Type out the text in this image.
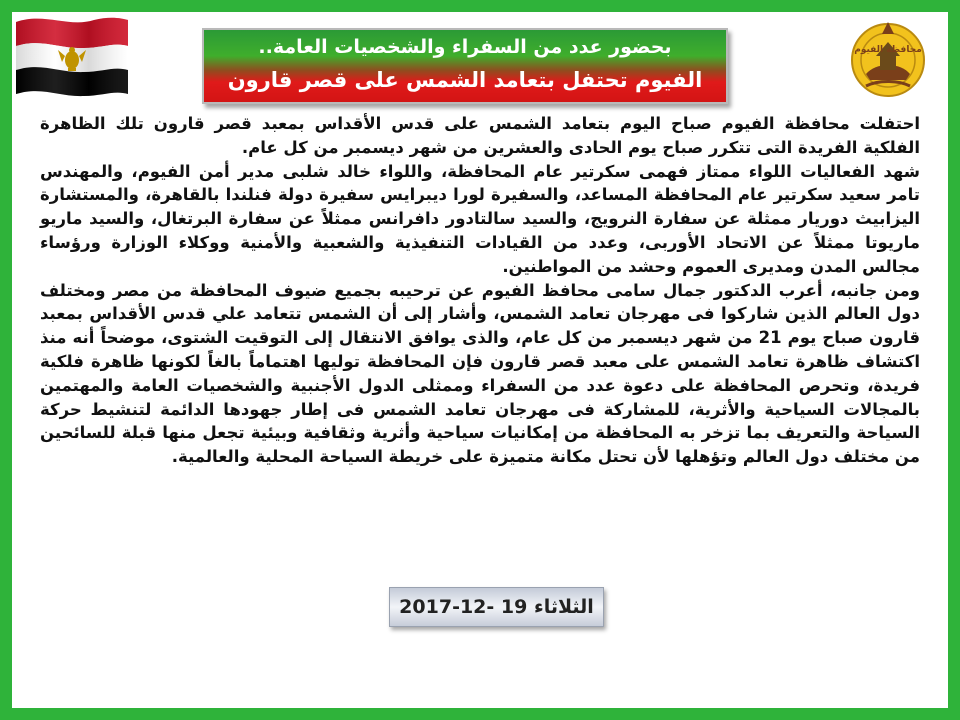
محافظة الفيوم
بحضور عدد من السفراء والشخصيات العامة..
الفيوم تحتفل بتعامد الشمس على قصر قارون

احتفلت محافظة الفيوم صباح اليوم بتعامد الشمس على قدس الأقداس بمعبد قصر قارون تلك الظاهرة الفلكية الفريدة التى تتكرر صباح يوم الحادى والعشرين من شهر ديسمبر من كل عام.

شهد الفعاليات اللواء ممتاز فهمى سكرتير عام المحافظة، واللواء خالد شلبى مدير أمن الفيوم، والمهندس تامر سعيد سكرتير عام المحافظة المساعد، والسفيرة لورا ديبرايس سفيرة دولة فنلندا بالقاهرة، والمستشارة اليزابيث دوريار ممثلة عن سفارة النرويج، والسيد سالتادور دافرانس ممثلاً عن سفارة البرتغال، والسيد ماريو ماريوتا ممثلاً عن الاتحاد الأوربى، وعدد من القيادات التنفيذية والشعبية والأمنية ووكلاء الوزارة ورؤساء مجالس المدن ومديرى العموم وحشد من المواطنين.

ومن جانبه، أعرب الدكتور جمال سامى محافظ الفيوم عن ترحيبه بجميع ضيوف المحافظة من مصر ومختلف دول العالم الذين شاركوا فى مهرجان تعامد الشمس، وأشار إلى أن الشمس تتعامد علي قدس الأقداس بمعبد قارون صباح يوم 21 من شهر ديسمبر من كل عام، والذى يوافق الانتقال إلى التوقيت الشتوى، موضحاً أنه منذ اكتشاف ظاهرة تعامد الشمس على معبد قصر قارون فإن المحافظة توليها اهتماماً بالغاً لكونها ظاهرة فلكية فريدة، وتحرص المحافظة على دعوة عدد من السفراء وممثلى الدول الأجنبية والشخصيات العامة والمهتمين بالمجالات السياحية والأثرية، للمشاركة فى مهرجان تعامد الشمس فى إطار جهودها الدائمة لتنشيط حركة السياحة والتعريف بما تزخر به المحافظة من إمكانيات سياحية وأثرية وثقافية وبيئية تجعل منها قبلة للسائحين من مختلف دول العالم وتؤهلها لأن تحتل مكانة متميزة على خريطة السياحة المحلية والعالمية.

الثلاثاء 19 -12-2017
